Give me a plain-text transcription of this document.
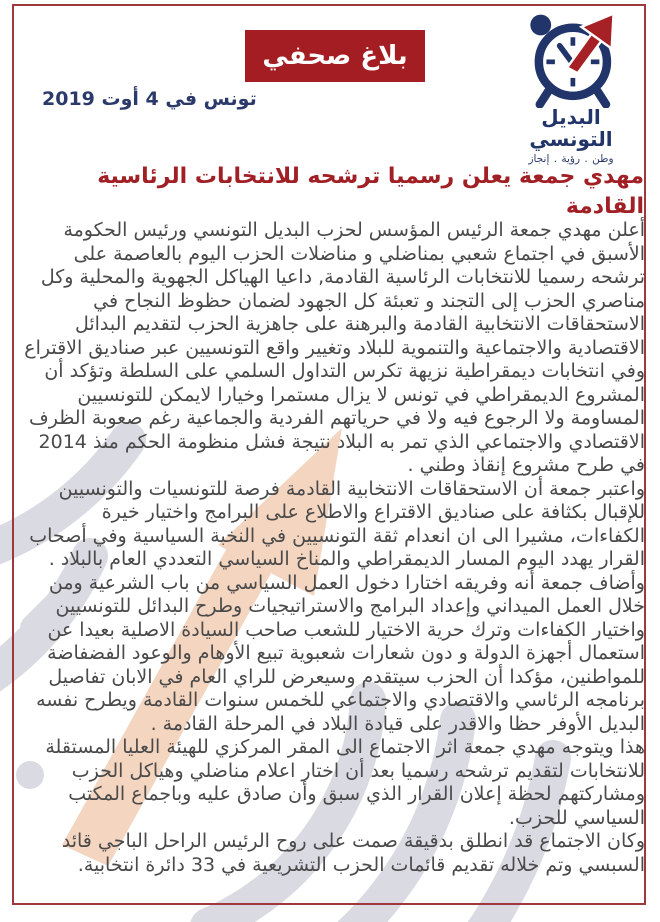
بلاغ صحفي
البديل التونسي
وطن . رؤية . إنجاز
تونس في 4 أوت 2019
مهدي جمعة يعلن رسميا ترشحه للانتخابات الرئاسية القادمة

أعلن مهدي جمعة الرئيس المؤسس لحزب البديل التونسي ورئيس الحكومة الأسبق في اجتماع شعبي بمناضلي و مناضلات الحزب اليوم بالعاصمة على ترشحه رسميا للانتخابات الرئاسية القادمة, داعيا الهياكل الجهوية والمحلية وكل مناصري الحزب إلى التجند و تعبئة كل الجهود لضمان حظوظ النجاح في الاستحقاقات الانتخابية القادمة والبرهنة على جاهزية الحزب لتقديم البدائل الاقتصادية والاجتماعية والتنموية للبلاد وتغيير واقع التونسيين عبر صناديق الاقتراع وفي انتخابات ديمقراطية نزيهة تكرس التداول السلمي على السلطة وتؤكد أن المشروع الديمقراطي في تونس لا يزال مستمرا وخيارا لايمكن للتونسيين المساومة ولا الرجوع فيه ولا في حرياتهم الفردية والجماعية رغم صعوبة الظرف الاقتصادي والاجتماعي الذي تمر به البلاد نتيجة فشل منظومة الحكم منذ 2014 في طرح مشروع إنقاذ وطني .

واعتبر جمعة أن الاستحقاقات الانتخابية القادمة فرصة للتونسيات والتونسيين للإقبال بكثافة على صناديق الاقتراع والاطلاع على البرامج واختيار خيرة الكفاءات، مشيرا الى ان انعدام ثقة التونسيين في النخبة السياسية وفي أصحاب القرار يهدد اليوم المسار الديمقراطي والمناخ السياسي التعددي العام بالبلاد .

وأضاف جمعة أنه وفريقه اختارا دخول العمل السياسي من باب الشرعية ومن خلال العمل الميداني وإعداد البرامج والاستراتيجيات وطرح البدائل للتونسيين واختيار الكفاءات وترك حرية الاختيار للشعب صاحب السيادة الاصلية بعيدا عن استعمال أجهزة الدولة و دون شعارات شعبوية تبيع الأوهام والوعود الفضفاضة للمواطنين، مؤكدا أن الحزب سيتقدم وسيعرض للراي العام في الابان تفاصيل برنامجه الرئاسي والاقتصادي والاجتماعي للخمس سنوات القادمة ويطرح نفسه البديل الأوفر حظا والاقدر على قيادة البلاد في المرحلة القادمة .

هذا ويتوجه مهدي جمعة اثر الاجتماع الى المقر المركزي للهيئة العليا المستقلة للانتخابات لتقديم ترشحه رسميا بعد أن اختار اعلام مناضلي وهياكل الحزب ومشاركتهم لحظة إعلان القرار الذي سبق وأن صادق عليه وباجماع المكتب السياسي للحزب.

وكان الاجتماع قد انطلق بدقيقة صمت على روح الرئيس الراحل الباجي قائد السبسي وتم خلاله تقديم قائمات الحزب التشريعية في 33 دائرة انتخابية.
